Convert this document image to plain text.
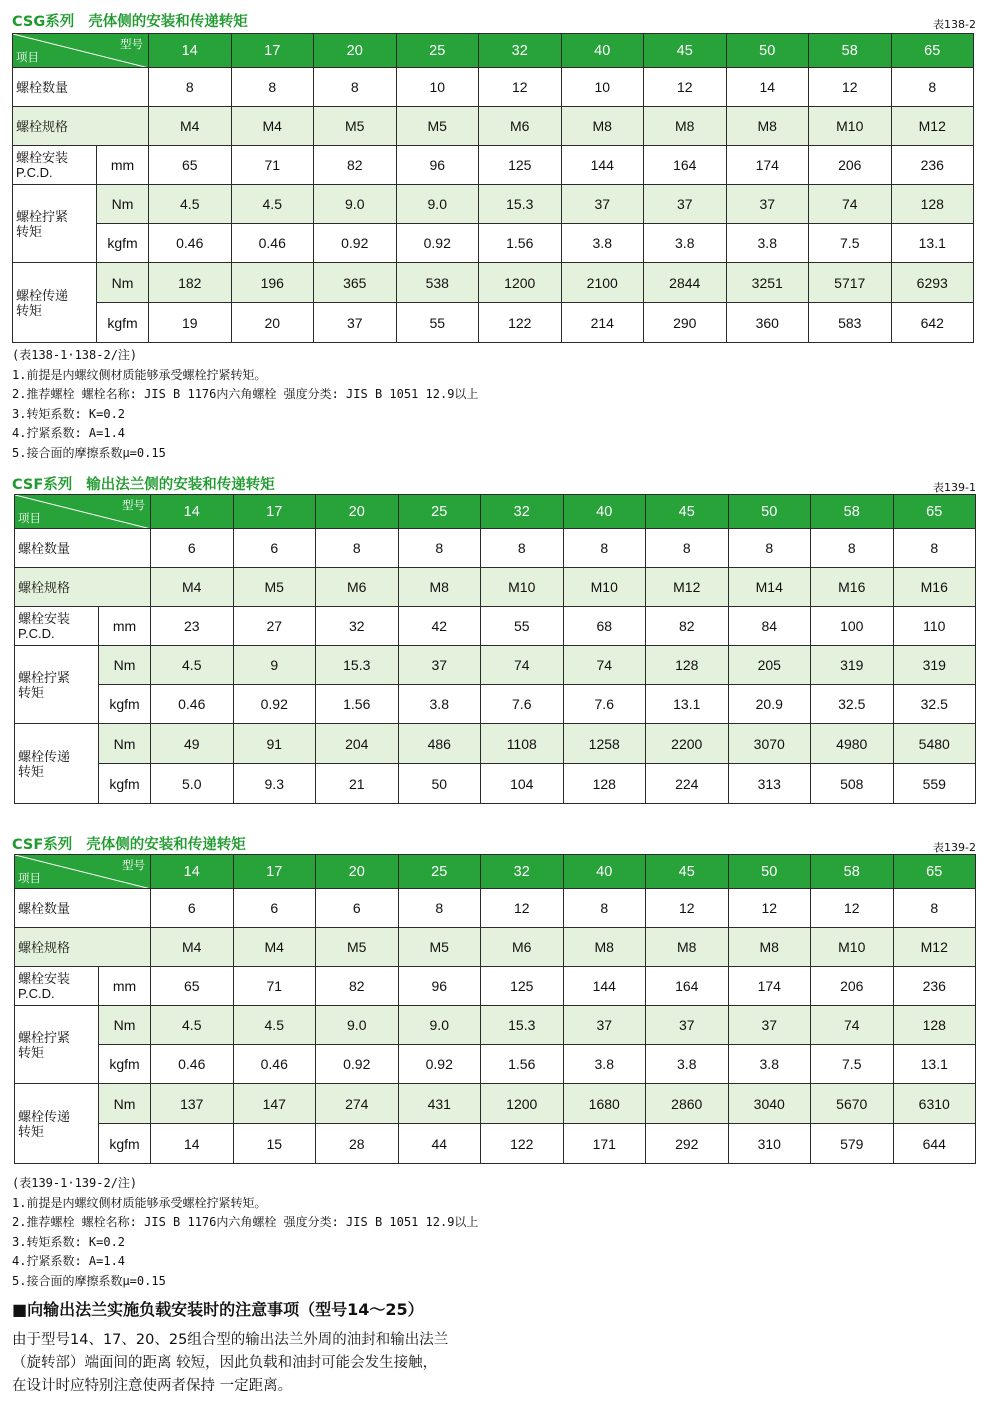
CSG系列 壳体侧的安装和传递转矩	表138-2
型号
项目		14	17	20	25	32	40	45	50	58	65
螺栓数量		8	8	8	10	12	10	12	14	12	8
螺栓规格		M4	M4	M5	M5	M6	M8	M8	M8	M10	M12

螺栓安装
P.C.D.	mm	65	71	82	96	125	144	164	174	206	236

螺栓拧紧
转矩	Nm	4.5	4.5	9.0	9.0	15.3	37	37	37	74	128
	kgfm	0.46	0.46	0.92	0.92	1.56	3.8	3.8	3.8	7.5	13.1

螺栓传递
转矩	Nm	182	196	365	538	1200	2100	2844	3251	5717	6293
	kgfm	19	20	37	55	122	214	290	360	583	642
(表138-1·138-2/注)
1.前提是内螺纹侧材质能够承受螺栓拧紧转矩。
2.推荐螺栓 螺栓名称: JIS B 1176内六角螺栓 强度分类: JIS B 1051 12.9以上
3.转矩系数: K=0.2
4.拧紧系数: A=1.4
5.接合面的摩擦系数μ=0.15
CSF系列 输出法兰侧的安装和传递转矩	表139-1
型号
项目		14	17	20	25	32	40	45	50	58	65
螺栓数量		6	6	8	8	8	8	8	8	8	8
螺栓规格		M4	M5	M6	M8	M10	M10	M12	M14	M16	M16

螺栓安装
P.C.D.	mm	23	27	32	42	55	68	82	84	100	110

螺栓拧紧
转矩	Nm	4.5	9	15.3	37	74	74	128	205	319	319
	kgfm	0.46	0.92	1.56	3.8	7.6	7.6	13.1	20.9	32.5	32.5

螺栓传递
转矩	Nm	49	91	204	486	1108	1258	2200	3070	4980	5480
	kgfm	5.0	9.3	21	50	104	128	224	313	508	559
CSF系列 壳体侧的安装和传递转矩	表139-2
型号
项目		14	17	20	25	32	40	45	50	58	65
螺栓数量		6	6	6	8	12	8	12	12	12	8
螺栓规格		M4	M4	M5	M5	M6	M8	M8	M8	M10	M12

螺栓安装
P.C.D.	mm	65	71	82	96	125	144	164	174	206	236

螺栓拧紧
转矩	Nm	4.5	4.5	9.0	9.0	15.3	37	37	37	74	128
	kgfm	0.46	0.46	0.92	0.92	1.56	3.8	3.8	3.8	7.5	13.1

螺栓传递
转矩	Nm	137	147	274	431	1200	1680	2860	3040	5670	6310
	kgfm	14	15	28	44	122	171	292	310	579	644
(表139-1·139-2/注)
1.前提是内螺纹侧材质能够承受螺栓拧紧转矩。
2.推荐螺栓 螺栓名称: JIS B 1176内六角螺栓 强度分类: JIS B 1051 12.9以上
3.转矩系数: K=0.2
4.拧紧系数: A=1.4
5.接合面的摩擦系数μ=0.15
■向输出法兰实施负载安装时的注意事项（型号14～25）
由于型号14、17、20、25组合型的输出法兰外周的油封和输出法兰
（旋转部）端面间的距离 较短，因此负载和油封可能会发生接触，
在设计时应特别注意使两者保持 一定距离。
